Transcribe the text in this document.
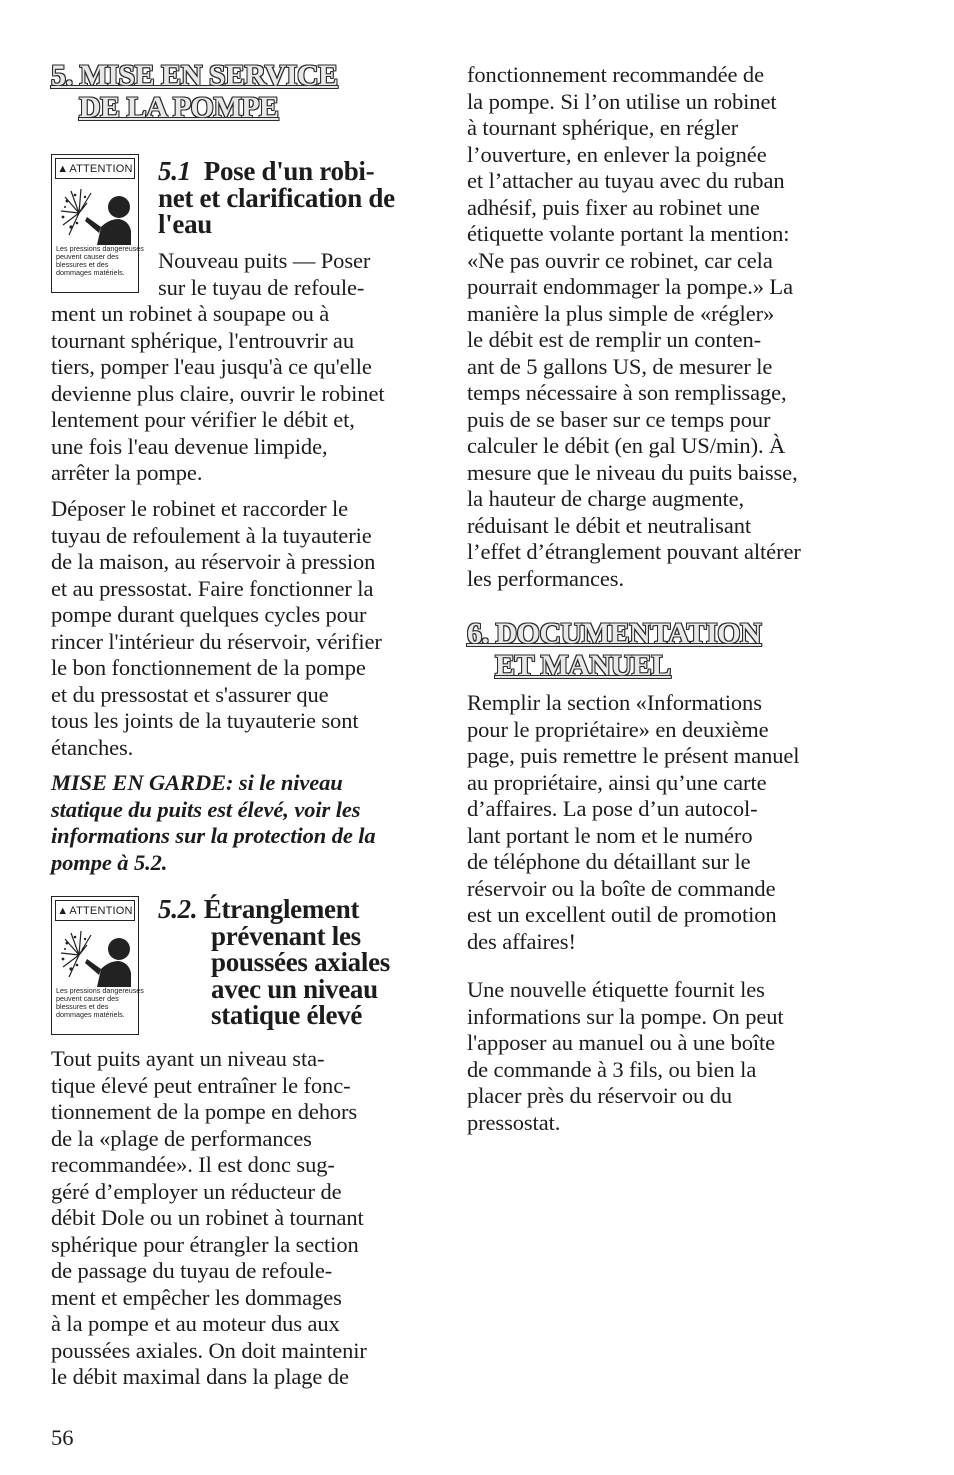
5. MISE EN SERVICE
DE LA POMPE
▲ ATTENTION
Les pressions dangereuses
peuvent causer des
blessures et des
dommages matériels.
5.1 Pose d'un robi-
net et clarification de
l'eau
Nouveau puits — Poser
sur le tuyau de refoule-
ment un robinet à soupape ou à
tournant sphérique, l'entrouvrir au
tiers, pomper l'eau jusqu'à ce qu'elle
devienne plus claire, ouvrir le robinet
lentement pour vérifier le débit et,
une fois l'eau devenue limpide,
arrêter la pompe.
Déposer le robinet et raccorder le
tuyau de refoulement à la tuyauterie
de la maison, au réservoir à pression
et au pressostat. Faire fonctionner la
pompe durant quelques cycles pour
rincer l'intérieur du réservoir, vérifier
le bon fonctionnement de la pompe
et du pressostat et s'assurer que
tous les joints de la tuyauterie sont
étanches.
MISE EN GARDE: si le niveau
statique du puits est élevé, voir les
informations sur la protection de la
pompe à 5.2.
▲ ATTENTION
Les pressions dangereuses
peuvent causer des
blessures et des
dommages matériels.
5.2. Étranglement
prévenant les
poussées axiales
avec un niveau
statique élevé
Tout puits ayant un niveau sta-
tique élevé peut entraîner le fonc-
tionnement de la pompe en dehors
de la «plage de performances
recommandée». Il est donc sug-
géré d’employer un réducteur de
débit Dole ou un robinet à tournant
sphérique pour étrangler la section
de passage du tuyau de refoule-
ment et empêcher les dommages
à la pompe et au moteur dus aux
poussées axiales. On doit maintenir
le débit maximal dans la plage de
fonctionnement recommandée de
la pompe. Si l’on utilise un robinet
à tournant sphérique, en régler
l’ouverture, en enlever la poignée
et l’attacher au tuyau avec du ruban
adhésif, puis fixer au robinet une
étiquette volante portant la mention:
«Ne pas ouvrir ce robinet, car cela
pourrait endommager la pompe.» La
manière la plus simple de «régler»
le débit est de remplir un conten-
ant de 5 gallons US, de mesurer le
temps nécessaire à son remplissage,
puis de se baser sur ce temps pour
calculer le débit (en gal US/min). À
mesure que le niveau du puits baisse,
la hauteur de charge augmente,
réduisant le débit et neutralisant
l’effet d’étranglement pouvant altérer
les performances.
6. DOCUMENTATION
ET MANUEL
Remplir la section «Informations
pour le propriétaire» en deuxième
page, puis remettre le présent manuel
au propriétaire, ainsi qu’une carte
d’affaires. La pose d’un autocol-
lant portant le nom et le numéro
de téléphone du détaillant sur le
réservoir ou la boîte de commande
est un excellent outil de promotion
des affaires!
Une nouvelle étiquette fournit les
informations sur la pompe. On peut
l'apposer au manuel ou à une boîte
de commande à 3 fils, ou bien la
placer près du réservoir ou du
pressostat.
56
